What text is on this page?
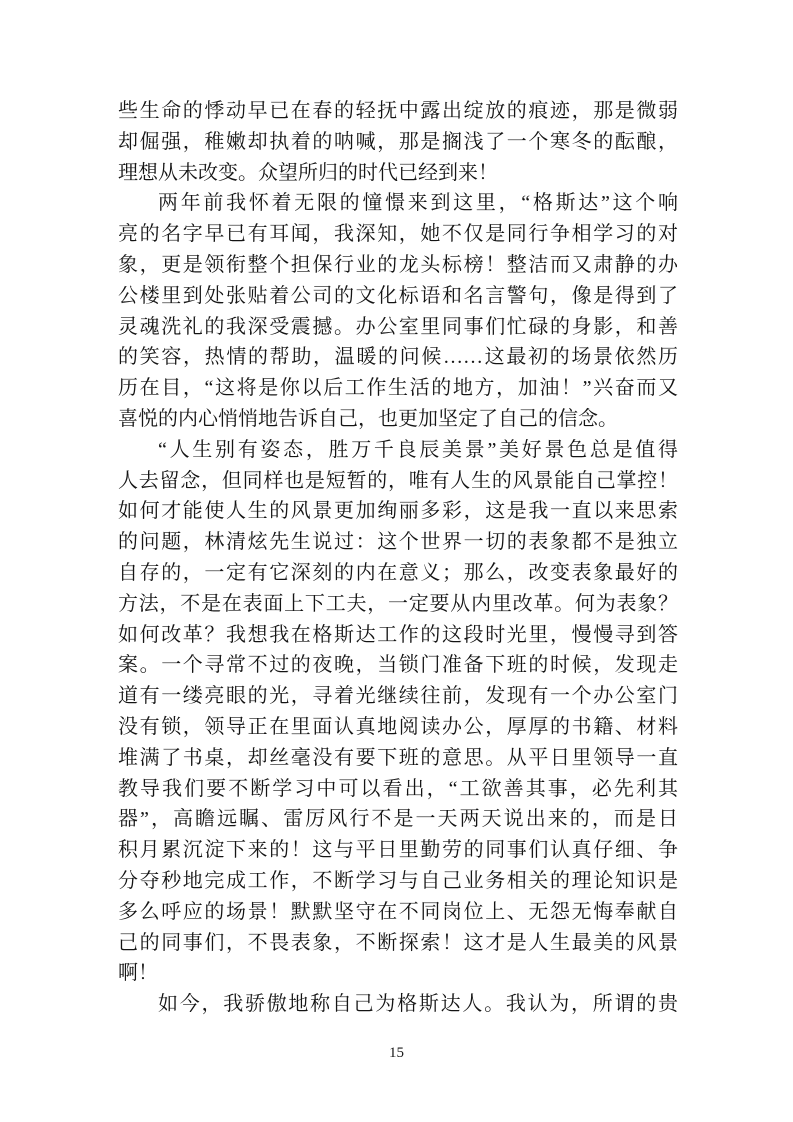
些生命的悸动早已在春的轻抚中露出绽放的痕迹，那是微弱
却倔强，稚嫩却执着的呐喊，那是搁浅了一个寒冬的酝酿，
理想从未改变。众望所归的时代已经到来！
两年前我怀着无限的憧憬来到这里，“格斯达”这个响
亮的名字早已有耳闻，我深知，她不仅是同行争相学习的对
象，更是领衔整个担保行业的龙头标榜！整洁而又肃静的办
公楼里到处张贴着公司的文化标语和名言警句，像是得到了
灵魂洗礼的我深受震撼。办公室里同事们忙碌的身影，和善
的笑容，热情的帮助，温暖的问候……这最初的场景依然历
历在目，“这将是你以后工作生活的地方，加油！”兴奋而又
喜悦的内心悄悄地告诉自己，也更加坚定了自己的信念。
“人生别有姿态，胜万千良辰美景”美好景色总是值得
人去留念，但同样也是短暂的，唯有人生的风景能自己掌控！
如何才能使人生的风景更加绚丽多彩，这是我一直以来思索
的问题，林清炫先生说过：这个世界一切的表象都不是独立
自存的，一定有它深刻的内在意义；那么，改变表象最好的
方法，不是在表面上下工夫，一定要从内里改革。何为表象？
如何改革？我想我在格斯达工作的这段时光里，慢慢寻到答
案。一个寻常不过的夜晚，当锁门准备下班的时候，发现走
道有一缕亮眼的光，寻着光继续往前，发现有一个办公室门
没有锁，领导正在里面认真地阅读办公，厚厚的书籍、材料
堆满了书桌，却丝毫没有要下班的意思。从平日里领导一直
教导我们要不断学习中可以看出，“工欲善其事，必先利其
器”，高瞻远瞩、雷厉风行不是一天两天说出来的，而是日
积月累沉淀下来的！这与平日里勤劳的同事们认真仔细、争
分夺秒地完成工作，不断学习与自己业务相关的理论知识是
多么呼应的场景！默默坚守在不同岗位上、无怨无悔奉献自
己的同事们，不畏表象，不断探索！这才是人生最美的风景
啊！
如今，我骄傲地称自己为格斯达人。我认为，所谓的贵
15
